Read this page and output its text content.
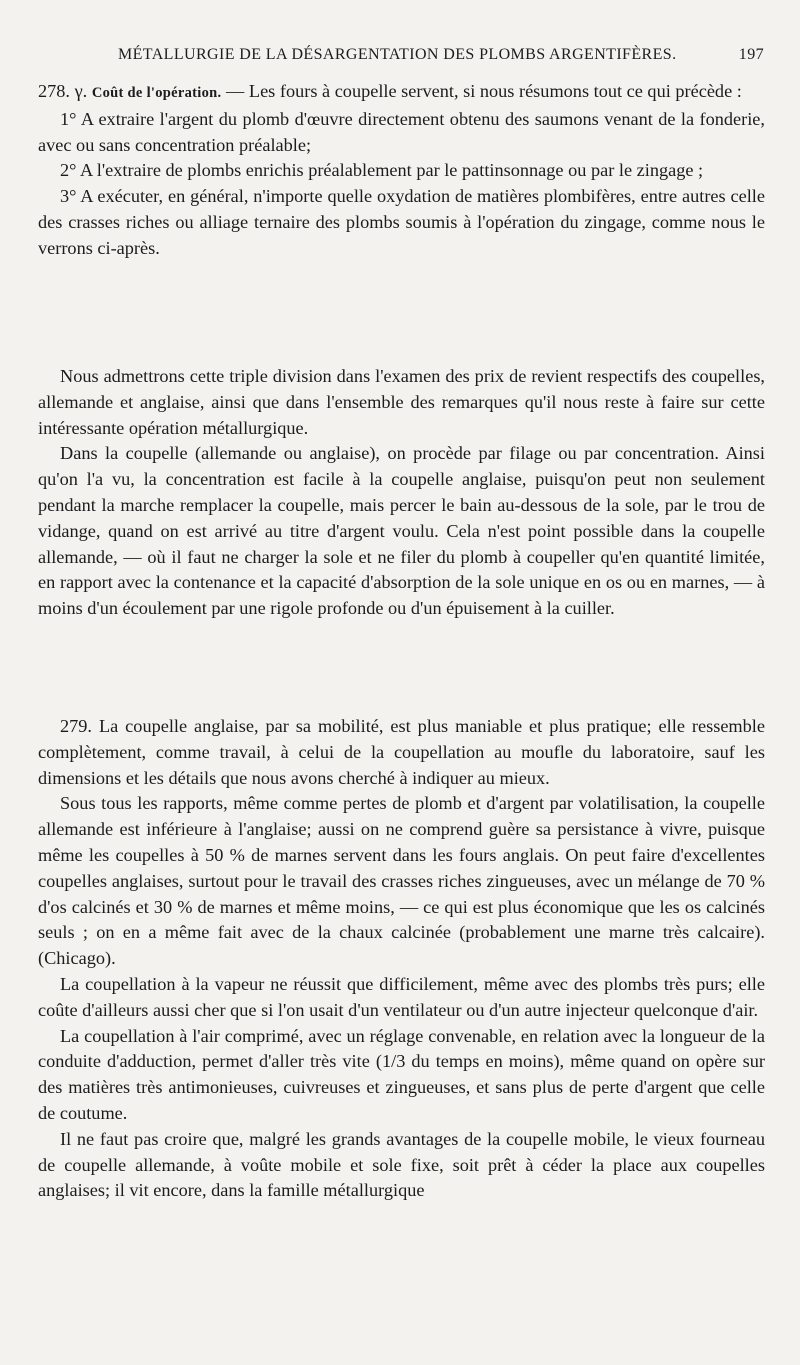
MÉTALLURGIE DE LA DÉSARGENTATION DES PLOMBS ARGENTIFÈRES.	197

278. γ. Coût de l'opération. — Les fours à coupelle servent, si nous résumons tout ce qui précède :

1° A extraire l'argent du plomb d'œuvre directement obtenu des saumons venant de la fonderie, avec ou sans concentration préalable;

2° A l'extraire de plombs enrichis préalablement par le pattinsonnage ou par le zingage ;

3° A exécuter, en général, n'importe quelle oxydation de matières plombifères, entre autres celle des crasses riches ou alliage ternaire des plombs soumis à l'opération du zingage, comme nous le verrons ci-après.

Nous admettrons cette triple division dans l'examen des prix de revient respectifs des coupelles, allemande et anglaise, ainsi que dans l'ensemble des remarques qu'il nous reste à faire sur cette intéressante opération métallurgique.

Dans la coupelle (allemande ou anglaise), on procède par filage ou par concentration. Ainsi qu'on l'a vu, la concentration est facile à la coupelle anglaise, puisqu'on peut non seulement pendant la marche remplacer la coupelle, mais percer le bain au-dessous de la sole, par le trou de vidange, quand on est arrivé au titre d'argent voulu. Cela n'est point possible dans la coupelle allemande, — où il faut ne charger la sole et ne filer du plomb à coupeller qu'en quantité limitée, en rapport avec la contenance et la capacité d'absorption de la sole unique en os ou en marnes, — à moins d'un écoulement par une rigole profonde ou d'un épuisement à la cuiller.

279. La coupelle anglaise, par sa mobilité, est plus maniable et plus pratique; elle ressemble complètement, comme travail, à celui de la coupellation au moufle du laboratoire, sauf les dimensions et les détails que nous avons cherché à indiquer au mieux.

Sous tous les rapports, même comme pertes de plomb et d'argent par volatilisation, la coupelle allemande est inférieure à l'anglaise; aussi on ne comprend guère sa persistance à vivre, puisque même les coupelles à 50 % de marnes servent dans les fours anglais. On peut faire d'excellentes coupelles anglaises, surtout pour le travail des crasses riches zingueuses, avec un mélange de 70 % d'os calcinés et 30 % de marnes et même moins, — ce qui est plus économique que les os calcinés seuls ; on en a même fait avec de la chaux calcinée (probablement une marne très calcaire). (Chicago).

La coupellation à la vapeur ne réussit que difficilement, même avec des plombs très purs; elle coûte d'ailleurs aussi cher que si l'on usait d'un ventilateur ou d'un autre injecteur quelconque d'air.

La coupellation à l'air comprimé, avec un réglage convenable, en relation avec la longueur de la conduite d'adduction, permet d'aller très vite (1/3 du temps en moins), même quand on opère sur des matières très antimonieuses, cuivreuses et zingueuses, et sans plus de perte d'argent que celle de coutume.

Il ne faut pas croire que, malgré les grands avantages de la coupelle mobile, le vieux fourneau de coupelle allemande, à voûte mobile et sole fixe, soit prêt à céder la place aux coupelles anglaises; il vit encore, dans la famille métallurgique
